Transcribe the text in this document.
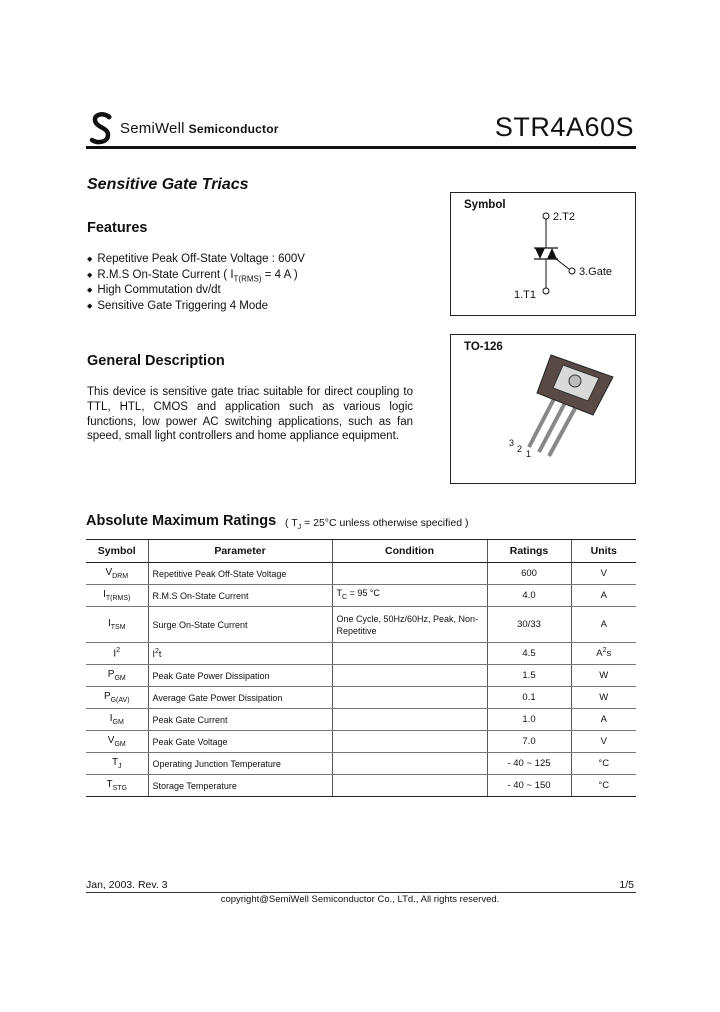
SemiWell Semiconductor	STR4A60S
Sensitive Gate Triacs
Features
◆ Repetitive Peak Off-State Voltage : 600V
◆ R.M.S On-State Current ( $I_{T(RMS)} = 4$ A )
◆ High Commutation dv/dt
◆ Sensitive Gate Triggering 4 Mode
General Description
This device is sensitive gate triac suitable for direct coupling to TTL, HTL, CMOS and application such as various logic functions, low power AC switching applications, such as fan speed, small light controllers and home appliance equipment.
Symbol
2.T2
3.Gate
1.T1
TO-126
3
2 1
Absolute Maximum Ratings ( $T_J = 25^\circ C$ unless otherwise specified )
Symbol	Parameter	Condition	Ratings	Units
$V_{DRM}$	Repetitive Peak Off-State Voltage		600	V
$I_{T(RMS)}$	R.M.S On-State Current	$T_C = 95$ °C	4.0	A
$I_{TSM}$	Surge On-State Current	One Cycle, 50Hz/60Hz, Peak, Non-Repetitive	30/33	A
$I^2$	$I^2t$		4.5	$A^2s$
$P_{GM}$	Peak Gate Power Dissipation		1.5	W
$P_{G(AV)}$	Average Gate Power Dissipation		0.1	W
$I_{GM}$	Peak Gate Current		1.0	A
$V_{GM}$	Peak Gate Voltage		7.0	V
$T_J$	Operating Junction Temperature		- 40 ~ 125	°C
$T_{STG}$	Storage Temperature		- 40 ~ 150	°C
Jan, 2003. Rev. 3	1/5
copyright@SemiWell Semiconductor Co., LTd., All rights reserved.
